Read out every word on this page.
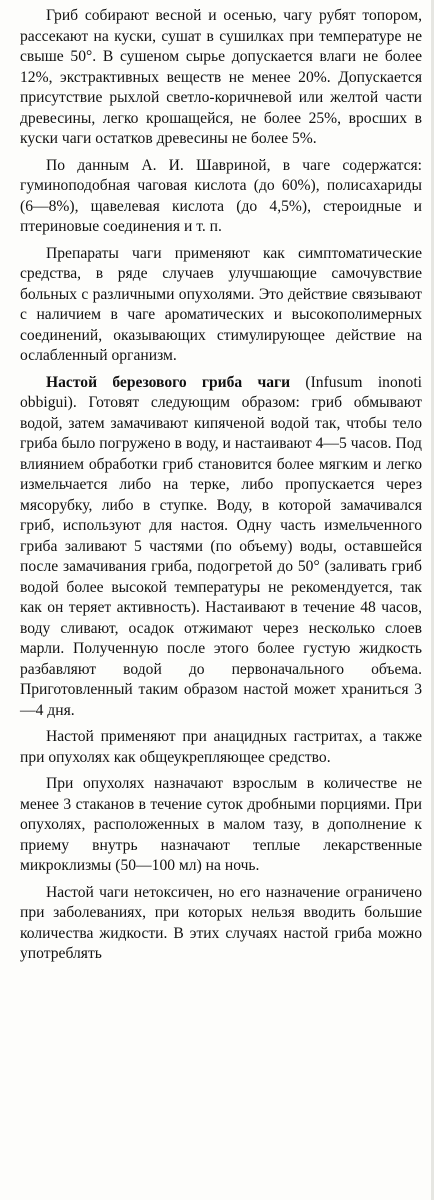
Гриб собирают весной и осенью, чагу рубят топором, рассекают на куски, сушат в сушилках при температуре не свыше 50°. В сушеном сырье допускается влаги не более 12%, экстрактивных веществ не менее 20%. Допускается присутствие рыхлой светло-коричневой или желтой части древесины, легко крошащейся, не более 25%, вросших в куски чаги остатков древесины не более 5%.

По данным А. И. Шавриной, в чаге содержатся: гуминоподобная чаговая кислота (до 60%), полисахариды (6—8%), щавелевая кислота (до 4,5%), стероидные и птериновые соединения и т. п.

Препараты чаги применяют как симптоматические средства, в ряде случаев улучшающие самочувствие больных с различными опухолями. Это действие связывают с наличием в чаге ароматических и высокополимерных соединений, оказывающих стимулирующее действие на ослабленный организм.

Настой березового гриба чаги (Infusum inonoti obbigui). Готовят следующим образом: гриб обмывают водой, затем замачивают кипяченой водой так, чтобы тело гриба было погружено в воду, и настаивают 4—5 часов. Под влиянием обработки гриб становится более мягким и легко измельчается либо на терке, либо пропускается через мясорубку, либо в ступке. Воду, в которой замачивался гриб, используют для настоя. Одну часть измельченного гриба заливают 5 частями (по объему) воды, оставшейся после замачивания гриба, подогретой до 50° (заливать гриб водой более высокой температуры не рекомендуется, так как он теряет активность). Настаивают в течение 48 часов, воду сливают, осадок отжимают через несколько слоев марли. Полученную после этого более густую жидкость разбавляют водой до первоначального объема. Приготовленный таким образом настой может храниться 3—4 дня.

Настой применяют при анацидных гастритах, а также при опухолях как общеукрепляющее средство.

При опухолях назначают взрослым в количестве не менее 3 стаканов в течение суток дробными порциями. При опухолях, расположенных в малом тазу, в дополнение к приему внутрь назначают теплые лекарственные микроклизмы (50—100 мл) на ночь.

Настой чаги нетоксичен, но его назначение ограничено при заболеваниях, при которых нельзя вводить большие количества жидкости. В этих случаях настой гриба можно употреблять
